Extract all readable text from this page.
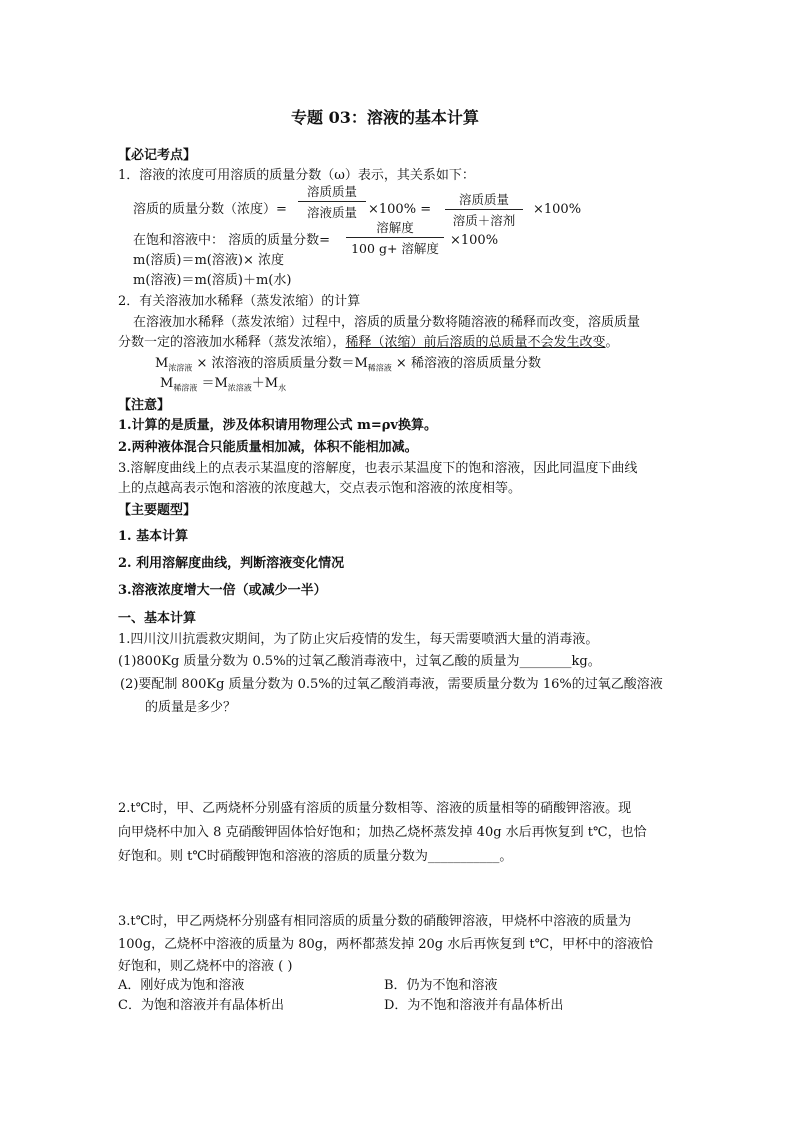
专题 03：溶液的基本计算
【必记考点】
1．溶液的浓度可用溶质的质量分数（ω）表示，其关系如下：
溶质的质量分数（浓度）=
溶质质量
溶液质量 ×100% =
溶质质量
溶质＋溶剂
×100%
在饱和溶液中： 溶质的质量分数=
溶解度
100 g+ 溶解度
×100%
m(溶质)＝m(溶液)× 浓度
m(溶液)＝m(溶质)＋m(水)
2．有关溶液加水稀释（蒸发浓缩）的计算
在溶液加水稀释（蒸发浓缩）过程中，溶质的质量分数将随溶液的稀释而改变，溶质质量
分数一定的溶液加水稀释（蒸发浓缩），稀释（浓缩）前后溶质的总质量不会发生改变。
$M_{浓溶液}$ × 浓溶液的溶质质量分数$=M_{稀溶液}$ × 稀溶液的溶质质量分数
$M_{稀溶液} =M_{浓溶液}+M_水$
【注意】
1.计算的是质量，涉及体积请用物理公式 m=ρv换算。
2.两种液体混合只能质量相加减，体积不能相加减。
3.溶解度曲线上的点表示某温度的溶解度，也表示某温度下的饱和溶液，因此同温度下曲线
上的点越高表示饱和溶液的浓度越大，交点表示饱和溶液的浓度相等。
【主要题型】
1. 基本计算
2. 利用溶解度曲线，判断溶液变化情况
3.溶液浓度增大一倍（或减少一半）
一、基本计算
1.四川汶川抗震救灾期间，为了防止灾后疫情的发生，每天需要喷洒大量的消毒液。
(1)800Kg 质量分数为 0.5%的过氧乙酸消毒液中，过氧乙酸的质量为________kg。
(2)要配制 800Kg 质量分数为 0.5%的过氧乙酸消毒液，需要质量分数为 16%的过氧乙酸溶液
的质量是多少？
2.t℃时，甲、乙两烧杯分别盛有溶质的质量分数相等、溶液的质量相等的硝酸钾溶液。现
向甲烧杯中加入 8 克硝酸钾固体恰好饱和；加热乙烧杯蒸发掉 40g 水后再恢复到 t℃，也恰
好饱和。则 t℃时硝酸钾饱和溶液的溶质的质量分数为___________。
3.t℃时，甲乙两烧杯分别盛有相同溶质的质量分数的硝酸钾溶液，甲烧杯中溶液的质量为
100g，乙烧杯中溶液的质量为 80g，两杯都蒸发掉 20g 水后再恢复到 t℃，甲杯中的溶液恰
好饱和，则乙烧杯中的溶液 ( )
A．刚好成为饱和溶液	B．仍为不饱和溶液
C．为饱和溶液并有晶体析出	D．为不饱和溶液并有晶体析出
